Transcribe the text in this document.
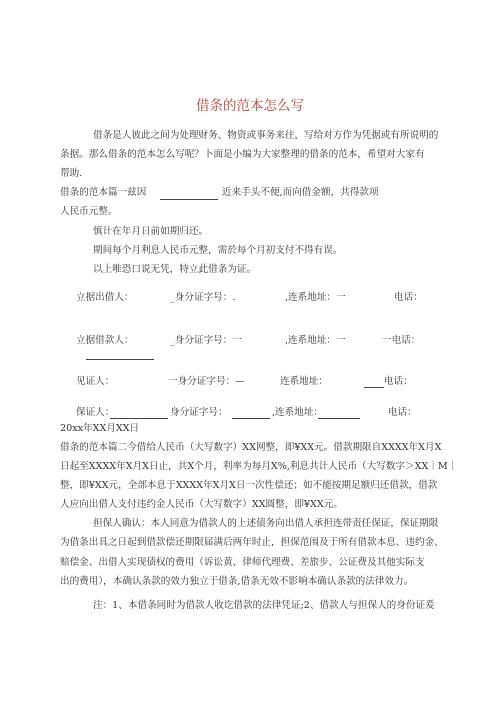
借条的范本怎么写
借条是人彼此之间为处理财务、物资或事务来往，写给对方作为凭据或有所说明的
条据。那么借条的范本怎么写呢？卜面是小编为大家整理的借条的范本，希望对大家有
帮助.
借条的范本篇一兹因	近来手头不便,而向借金额，共得款项
人民币元整。
慎计在年月日前如期归还。
期间每个月利息人民币元整，需於每个月初支付不得有误。
以上唯恐口说无凭，特立此借条为证。
立据出借人：	_身分证字号：.	,连系地址：一	电话：
立据借款人：	_身分证字号：一	,连系地址：一	一电话：
见证人：	一身分证字号：—	连系地址：	电话：
保证人：	身分证字号：	,连系地址：	电话：
20xx年XX月XX日
借条的范本篇二今借给人民币（大写数字）XX网整，即¥XX元。借款期限自XXXX年X月X
日起至XXXX年X月X日止，共X个月，利率为每月X%,利息共计人民币（大写数字＞XX｜M｜
整，即¥XX元，全部本息于XXXX年X月X日一次性偿还；如不能按期足额归还借款，借款
人应向出借人支付违约金人民币（大写数字）XX圆整，即¥XX元。
担保人确认：本人同意为借款人的上述债务向出借人承担连带责任保证，保证期限
为借条出具之日起到借款偿还期限届满后两年时止，担保范闱及于所有借款本息、违约金、
赔偿金、出借人实现债权的费用（诉讼黄、律师代理费、差旅步、公证费及其他实际支
出的费用），本确认条款的效力独立于借条,借条无效不影响本确认条款的法律效力。
注：1、本借条同时为借款人收讫借款的法律凭证;2、借款人与担保人的身份证爰
